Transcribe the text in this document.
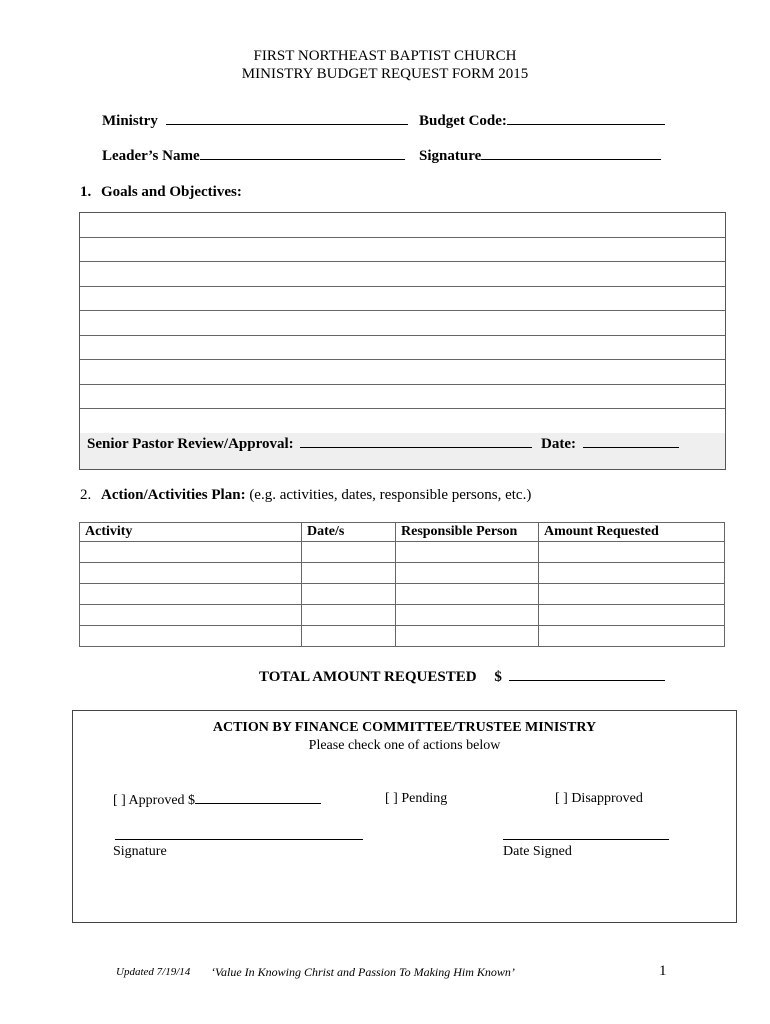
FIRST NORTHEAST BAPTIST CHURCH
MINISTRY BUDGET REQUEST FORM 2015
Ministry	Budget Code:
Leader’s Name	Signature
1. Goals and Objectives:
Senior Pastor Review/Approval:	Date:
2. Action/Activities Plan: (e.g. activities, dates, responsible persons, etc.)
Activity	Date/s	Responsible Person	Amount Requested

TOTAL AMOUNT REQUESTED $
ACTION BY FINANCE COMMITTEE/TRUSTEE MINISTRY
Please check one of actions below
[ ] Approved $	[ ] Pending	[ ] Disapproved
Signature	Date Signed
Updated 7/19/14 ‘Value In Knowing Christ and Passion To Making Him Known’	1
